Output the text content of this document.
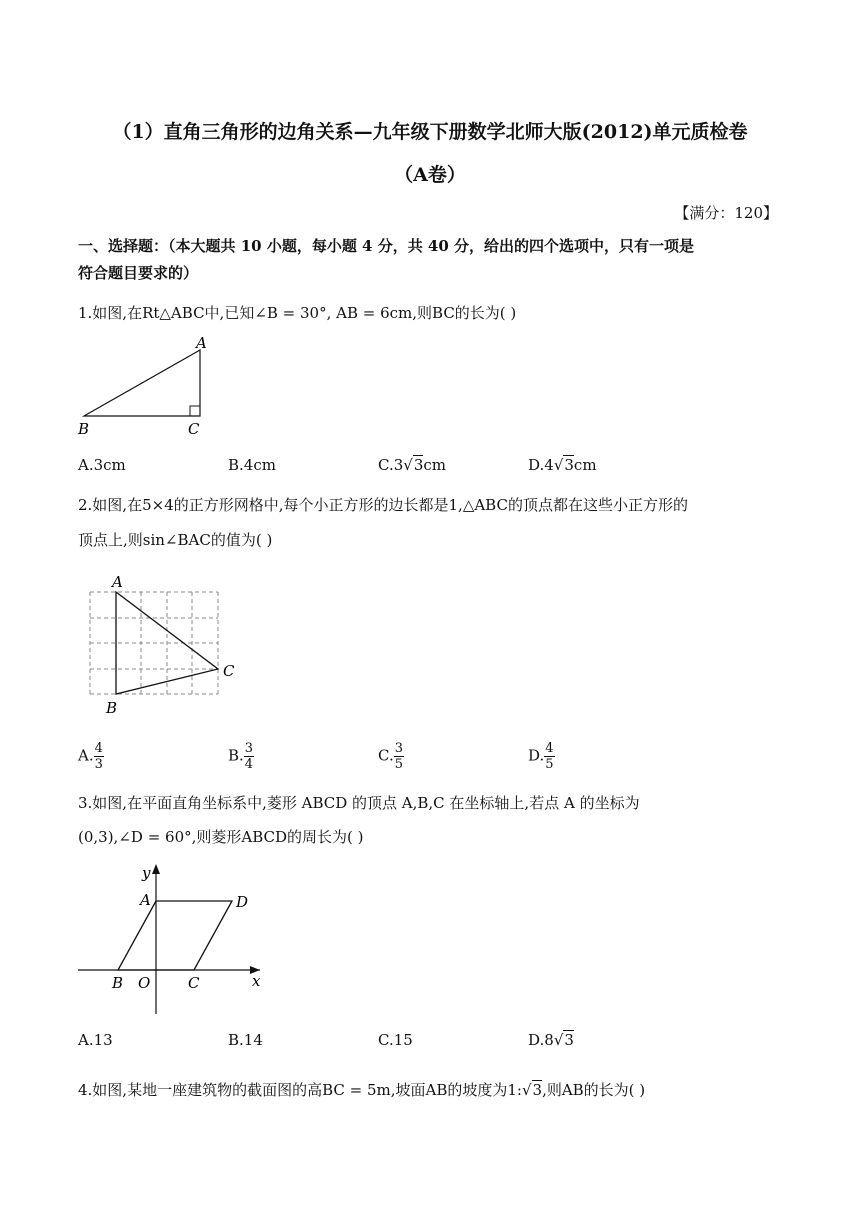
（1）直角三角形的边角关系—九年级下册数学北师大版(2012)单元质检卷
（A卷）
【满分：120】
一、选择题：（本大题共 10 小题，每小题 4 分，共 40 分，给出的四个选项中，只有一项是
符合题目要求的）
1.如图,在Rt△ABC中,已知∠B = 30°, AB = 6cm,则BC的长为( )
A
B	C
A.3cm	B.4cm	C.3√3cm	D.4√3cm
2.如图,在5×4的正方形网格中,每个小正方形的边长都是1,△ABC的顶点都在这些小正方形的
顶点上,则sin∠BAC的值为( )
A
B
C
A. $\frac{4}{3}$	B. $\frac{3}{4}$	C. $\frac{3}{5}$	D. $\frac{4}{5}$
3.如图,在平面直角坐标系中,菱形 ABCD 的顶点 A,B,C 在坐标轴上,若点 A 的坐标为
(0,3),∠D = 60°,则菱形ABCD的周长为( )
y
x
A
B O	C
D
A.13	B.14	C.15	D.8√3
4.如图,某地一座建筑物的截面图的高BC = 5m,坡面AB的坡度为1:√3,则AB的长为( )
